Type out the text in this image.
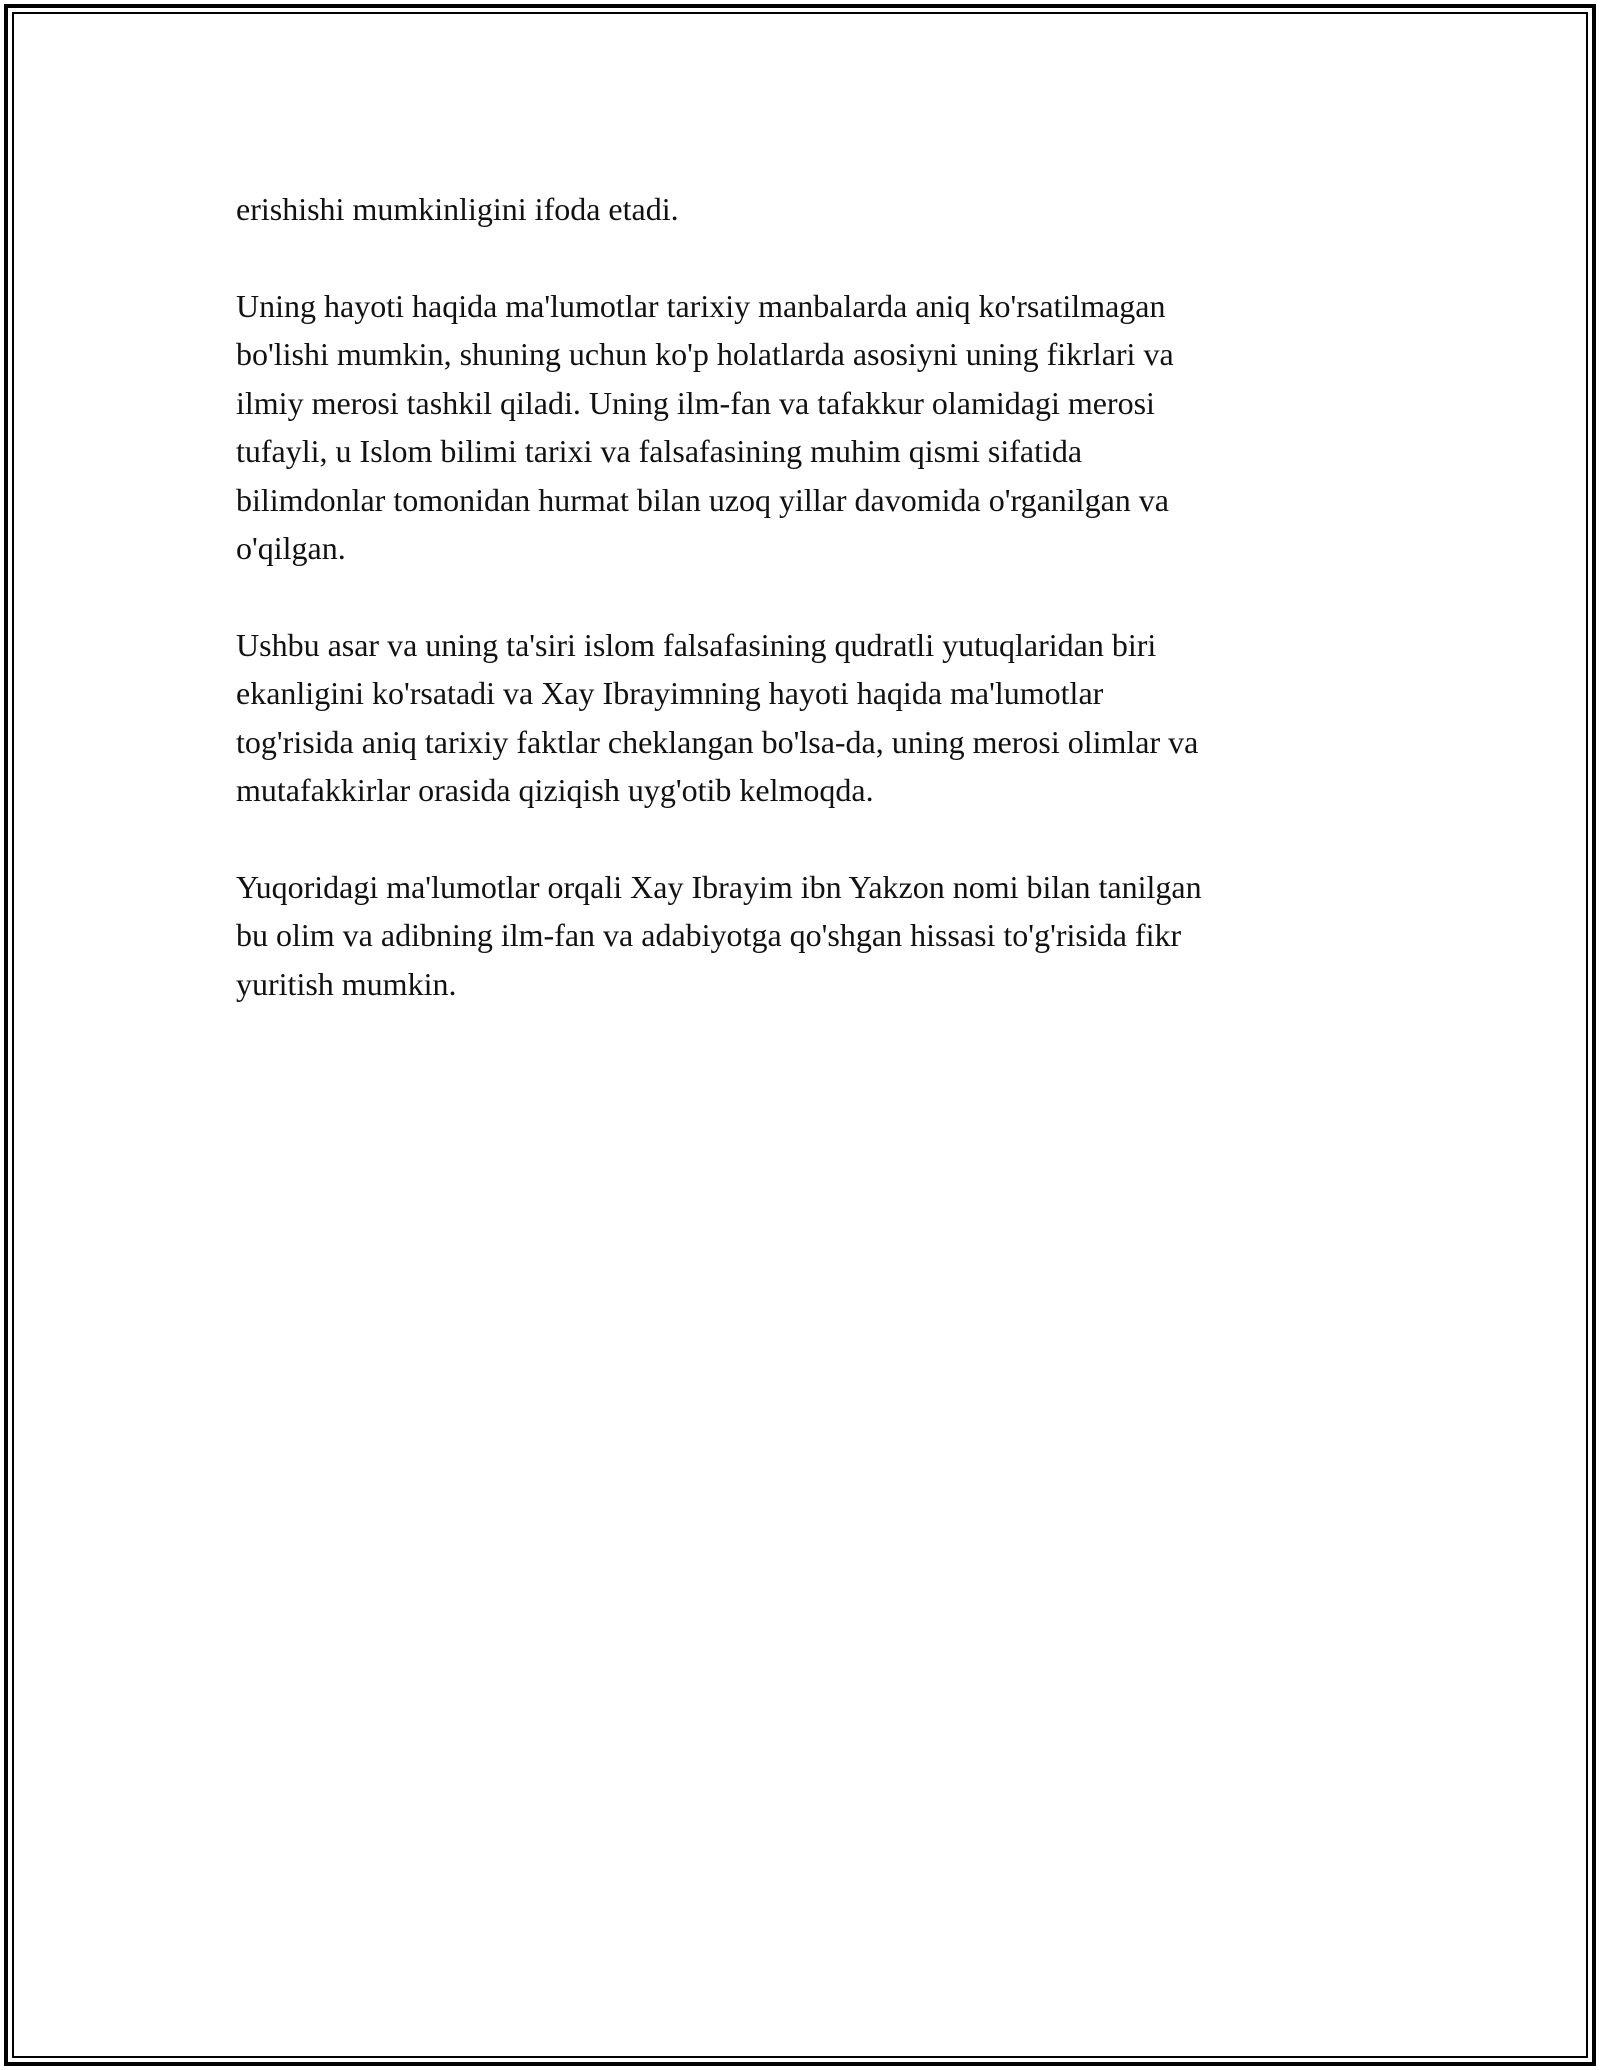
erishishi mumkinligini ifoda etadi.

Uning hayoti haqida ma'lumotlar tarixiy manbalarda aniq ko'rsatilmagan
bo'lishi mumkin, shuning uchun ko'p holatlarda asosiyni uning fikrlari va
ilmiy merosi tashkil qiladi. Uning ilm-fan va tafakkur olamidagi merosi
tufayli, u Islom bilimi tarixi va falsafasining muhim qismi sifatida
bilimdonlar tomonidan hurmat bilan uzoq yillar davomida o'rganilgan va
o'qilgan.

Ushbu asar va uning ta'siri islom falsafasining qudratli yutuqlaridan biri
ekanligini ko'rsatadi va Xay Ibrayimning hayoti haqida ma'lumotlar
tog'risida aniq tarixiy faktlar cheklangan bo'lsa-da, uning merosi olimlar va
mutafakkirlar orasida qiziqish uyg'otib kelmoqda.

Yuqoridagi ma'lumotlar orqali Xay Ibrayim ibn Yakzon nomi bilan tanilgan
bu olim va adibning ilm-fan va adabiyotga qo'shgan hissasi to'g'risida fikr
yuritish mumkin.
